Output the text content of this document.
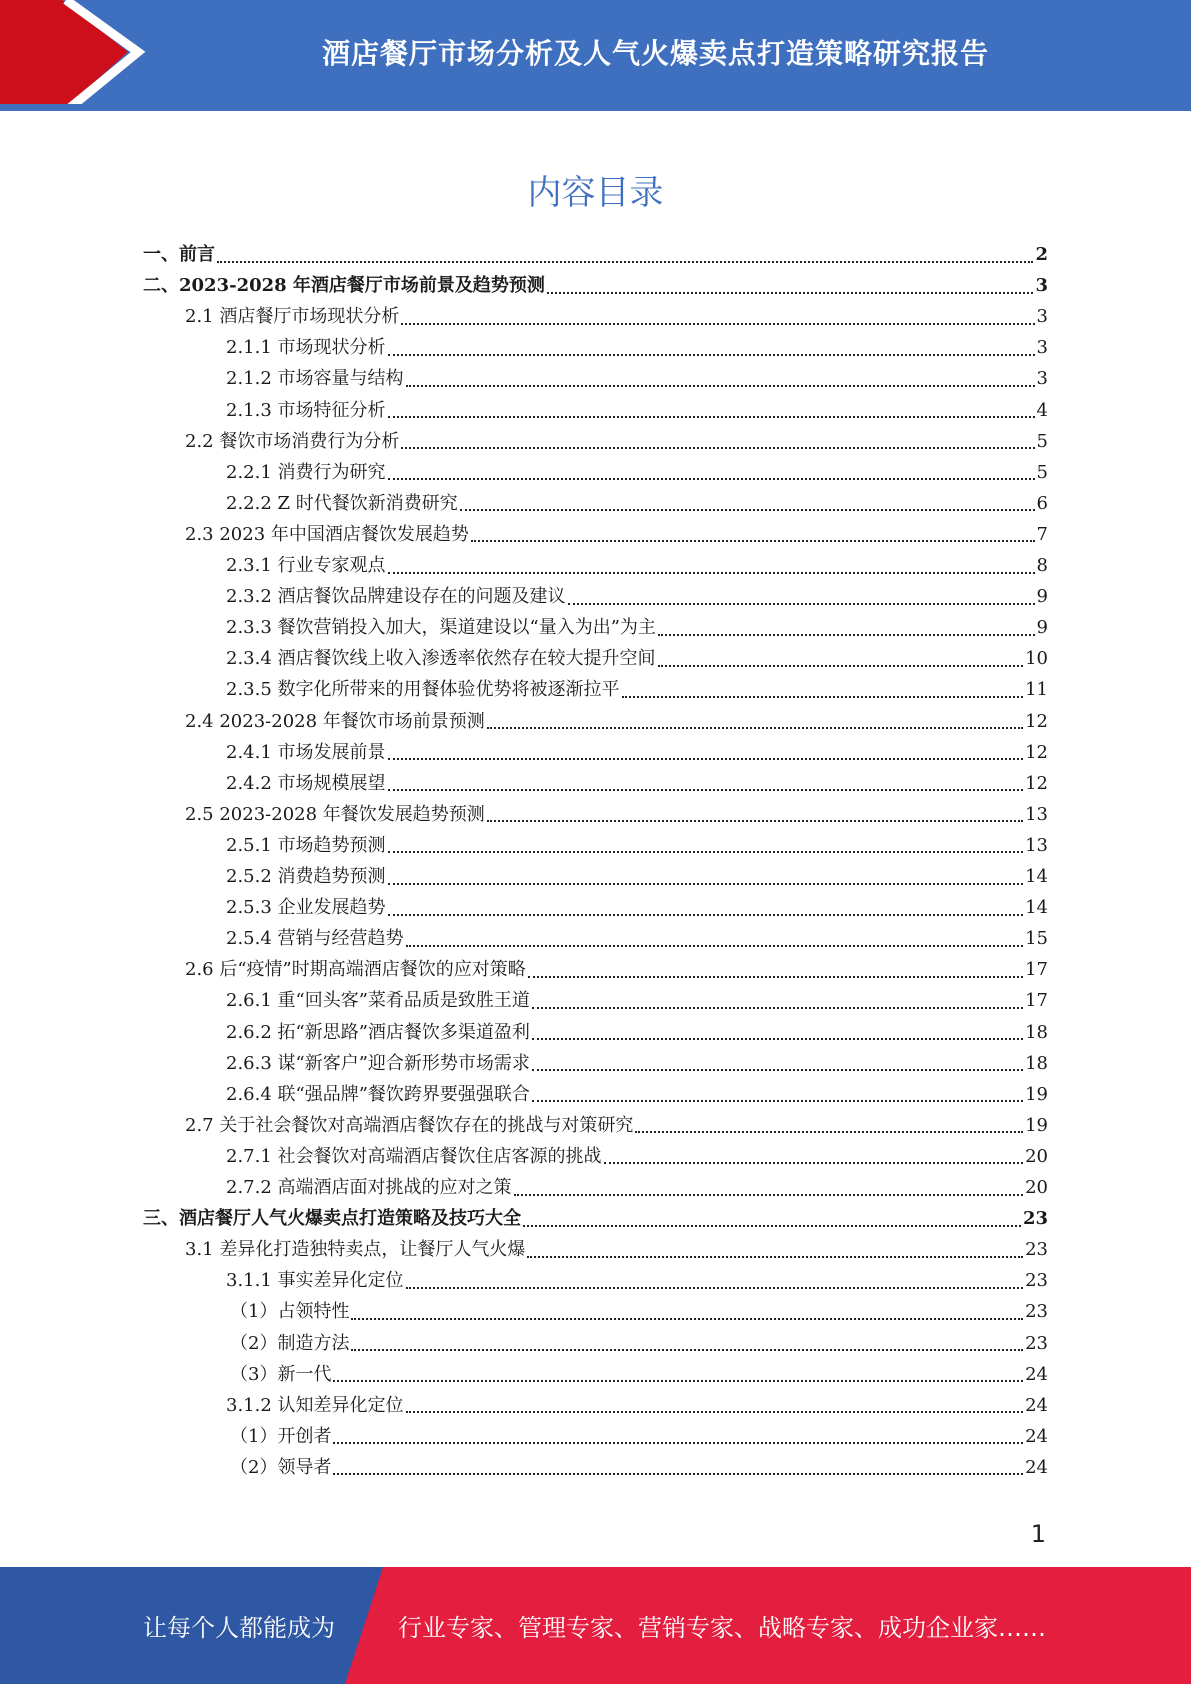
酒店餐厅市场分析及人气火爆卖点打造策略研究报告
内容目录
一、前言	2
二、2023-2028 年酒店餐厅市场前景及趋势预测	3
2.1 酒店餐厅市场现状分析	3
2.1.1 市场现状分析	3
2.1.2 市场容量与结构	3
2.1.3 市场特征分析	4
2.2 餐饮市场消费行为分析	5
2.2.1 消费行为研究	5
2.2.2 Z 时代餐饮新消费研究	6
2.3 2023 年中国酒店餐饮发展趋势	7
2.3.1 行业专家观点	8
2.3.2 酒店餐饮品牌建设存在的问题及建议	9
2.3.3 餐饮营销投入加大，渠道建设以“量入为出”为主	9
2.3.4 酒店餐饮线上收入渗透率依然存在较大提升空间	10
2.3.5 数字化所带来的用餐体验优势将被逐渐拉平	11
2.4 2023-2028 年餐饮市场前景预测	12
2.4.1 市场发展前景	12
2.4.2 市场规模展望	12
2.5 2023-2028 年餐饮发展趋势预测	13
2.5.1 市场趋势预测	13
2.5.2 消费趋势预测	14
2.5.3 企业发展趋势	14
2.5.4 营销与经营趋势	15
2.6 后“疫情”时期高端酒店餐饮的应对策略	17
2.6.1 重“回头客”菜肴品质是致胜王道	17
2.6.2 拓“新思路”酒店餐饮多渠道盈利	18
2.6.3 谋“新客户”迎合新形势市场需求	18
2.6.4 联“强品牌”餐饮跨界要强强联合	19
2.7 关于社会餐饮对高端酒店餐饮存在的挑战与对策研究	19
2.7.1 社会餐饮对高端酒店餐饮住店客源的挑战	20
2.7.2 高端酒店面对挑战的应对之策	20
三、酒店餐厅人气火爆卖点打造策略及技巧大全	23
3.1 差异化打造独特卖点，让餐厅人气火爆	23
3.1.1 事实差异化定位	23
（1）占领特性	23
（2）制造方法	23
（3）新一代	24
3.1.2 认知差异化定位	24
（1）开创者	24
（2）领导者	24
1
让每个人都能成为	行业专家、管理专家、营销专家、战略专家、成功企业家……
